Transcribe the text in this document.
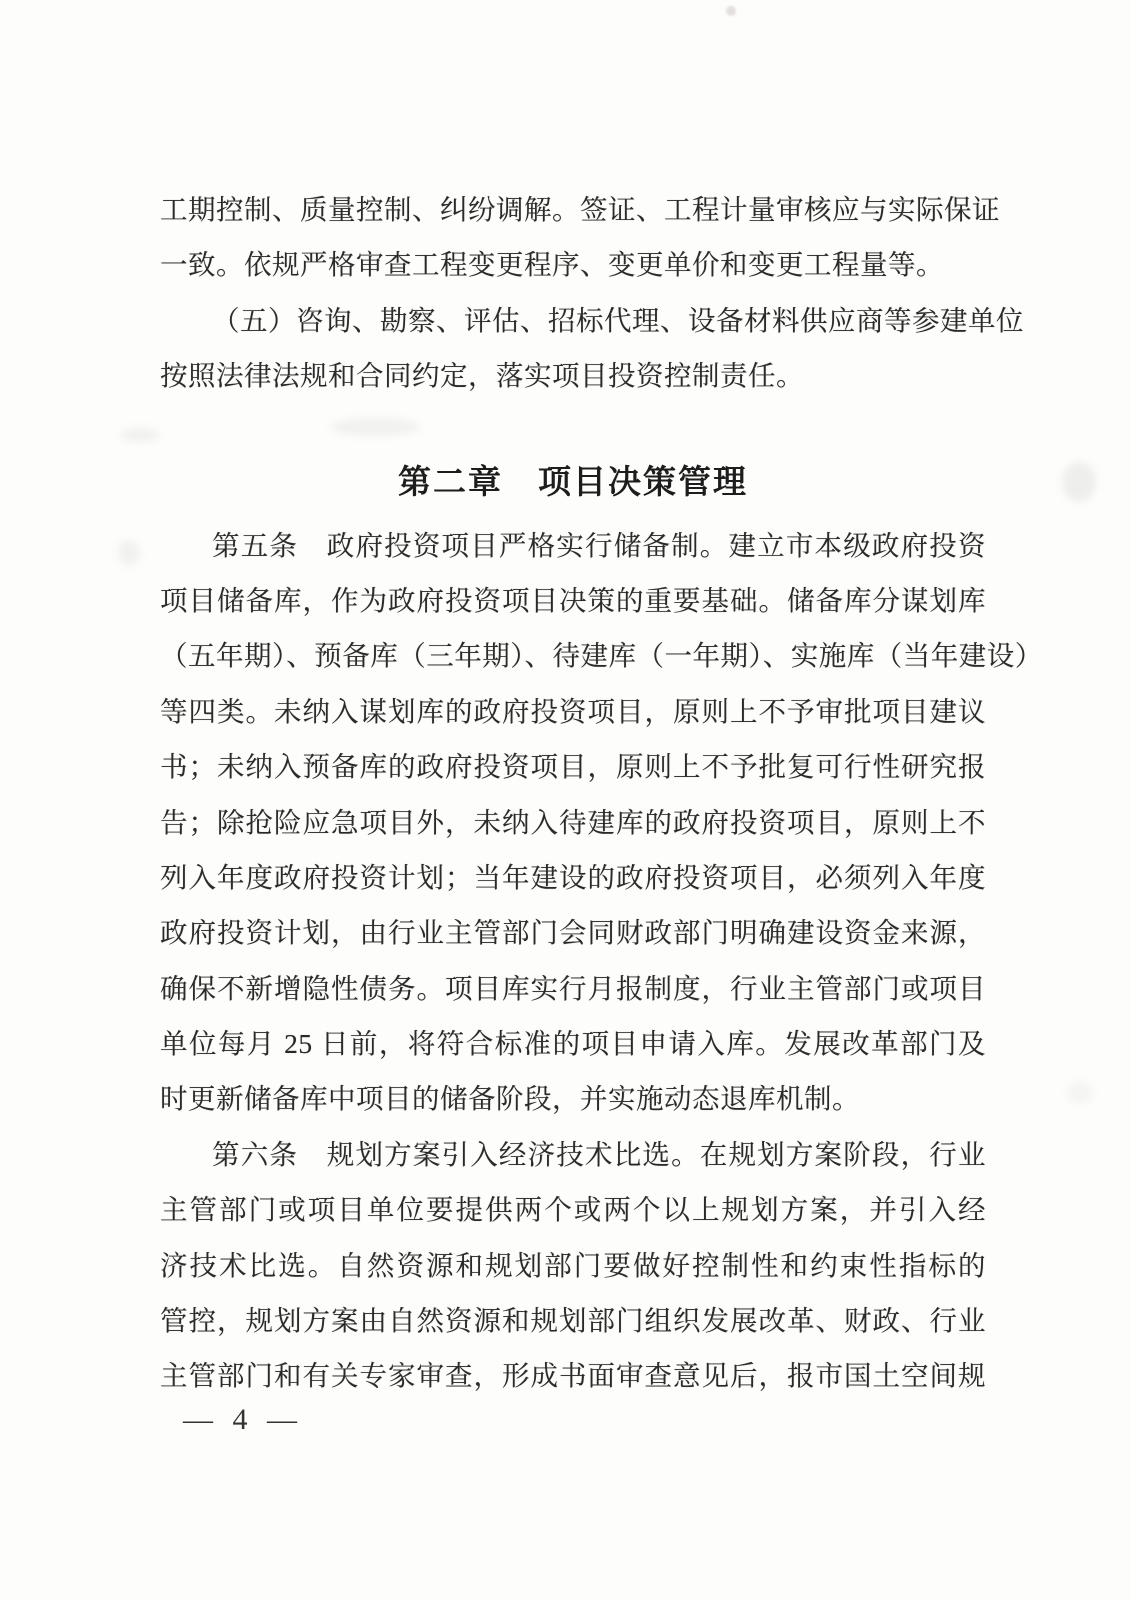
工期控制、质量控制、纠纷调解。签证、工程计量审核应与实际保证
一致。依规严格审查工程变更程序、变更单价和变更工程量等。
（五）咨询、勘察、评估、招标代理、设备材料供应商等参建单位
按照法律法规和合同约定，落实项目投资控制责任。
第二章　项目决策管理
第五条　政府投资项目严格实行储备制。建立市本级政府投资
项目储备库，作为政府投资项目决策的重要基础。储备库分谋划库
（五年期）、预备库（三年期）、待建库（一年期）、实施库（当年建设）
等四类。未纳入谋划库的政府投资项目，原则上不予审批项目建议
书；未纳入预备库的政府投资项目，原则上不予批复可行性研究报
告；除抢险应急项目外，未纳入待建库的政府投资项目，原则上不
列入年度政府投资计划；当年建设的政府投资项目，必须列入年度
政府投资计划，由行业主管部门会同财政部门明确建设资金来源，
确保不新增隐性债务。项目库实行月报制度，行业主管部门或项目
单位每月 25 日前，将符合标准的项目申请入库。发展改革部门及
时更新储备库中项目的储备阶段，并实施动态退库机制。
第六条　规划方案引入经济技术比选。在规划方案阶段，行业
主管部门或项目单位要提供两个或两个以上规划方案，并引入经
济技术比选。自然资源和规划部门要做好控制性和约束性指标的
管控，规划方案由自然资源和规划部门组织发展改革、财政、行业
主管部门和有关专家审查，形成书面审查意见后，报市国土空间规
— 4 —
